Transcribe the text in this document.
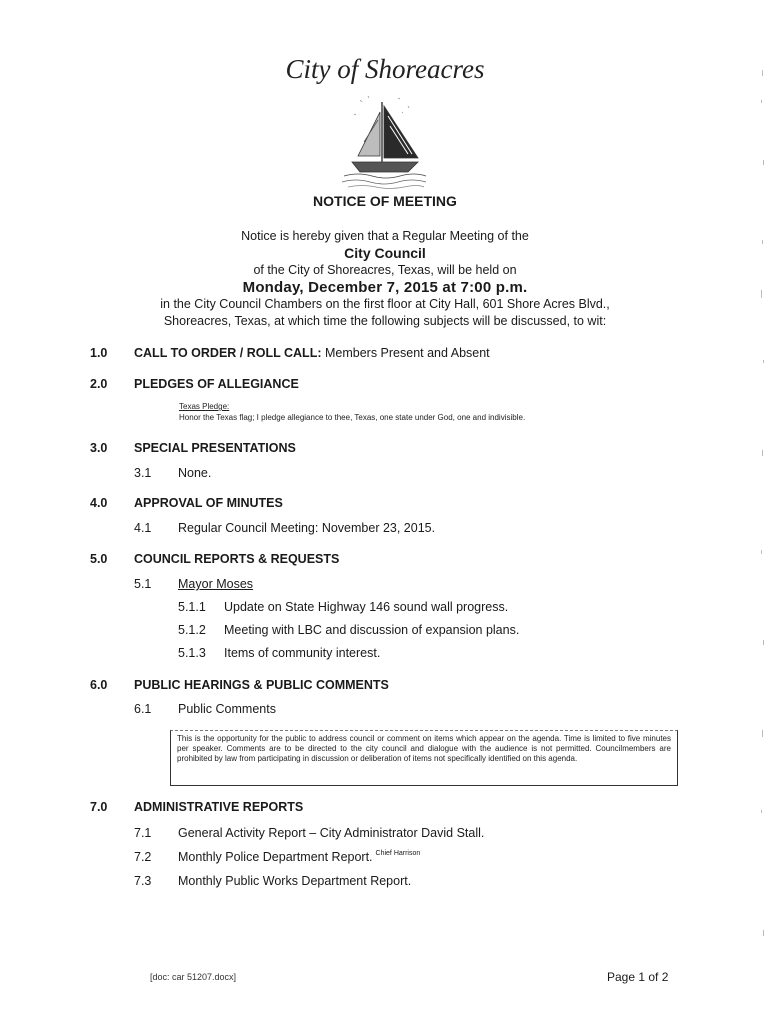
City of Shoreacres
NOTICE OF MEETING
Notice is hereby given that a Regular Meeting of the
City Council
of the City of Shoreacres, Texas, will be held on
Monday, December 7, 2015 at 7:00 p.m.
in the City Council Chambers on the first floor at City Hall, 601 Shore Acres Blvd.,
Shoreacres, Texas, at which time the following subjects will be discussed, to wit:
1.0 CALL TO ORDER / ROLL CALL: Members Present and Absent
2.0 PLEDGES OF ALLEGIANCE
Texas Pledge:
Honor the Texas flag; I pledge allegiance to thee, Texas, one state under God, one and indivisible.
3.0 SPECIAL PRESENTATIONS
3.1 None.
4.0 APPROVAL OF MINUTES
4.1 Regular Council Meeting: November 23, 2015.
5.0 COUNCIL REPORTS & REQUESTS
5.1 Mayor Moses
5.1.1 Update on State Highway 146 sound wall progress.
5.1.2 Meeting with LBC and discussion of expansion plans.
5.1.3 Items of community interest.
6.0 PUBLIC HEARINGS & PUBLIC COMMENTS
6.1 Public Comments
This is the opportunity for the public to address council or comment on items which appear on the agenda. Time is limited to five minutes per speaker. Comments are to be directed to the city council and dialogue with the audience is not permitted. Councilmembers are prohibited by law from participating in discussion or deliberation of items not specifically identified on this agenda.
7.0 ADMINISTRATIVE REPORTS
7.1 General Activity Report – City Administrator David Stall.
7.2 Monthly Police Department Report. $^{Chief Harrison}$
7.3 Monthly Public Works Department Report.
[doc: car 51207.docx]	Page 1 of 2
